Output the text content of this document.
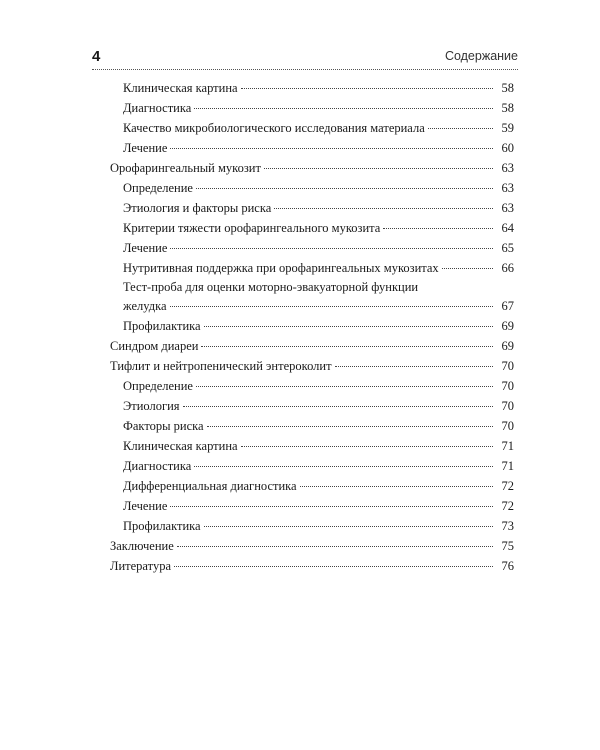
4	Содержание
Клиническая картина	58
Диагностика	58
Качество микробиологического исследования материала	59
Лечение	60
Орофарингеальный мукозит	63
Определение	63
Этиология и факторы риска	63
Критерии тяжести орофарингеального мукозита	64
Лечение	65
Нутритивная поддержка при орофарингеальных мукозитах	66
Тест-проба для оценки моторно-эвакуаторной функции
желудка	67
Профилактика	69
Синдром диареи	69
Тифлит и нейтропенический энтероколит	70
Определение	70
Этиология	70
Факторы риска	70
Клиническая картина	71
Диагностика	71
Дифференциальная диагностика	72
Лечение	72
Профилактика	73
Заключение	75
Литература	76
